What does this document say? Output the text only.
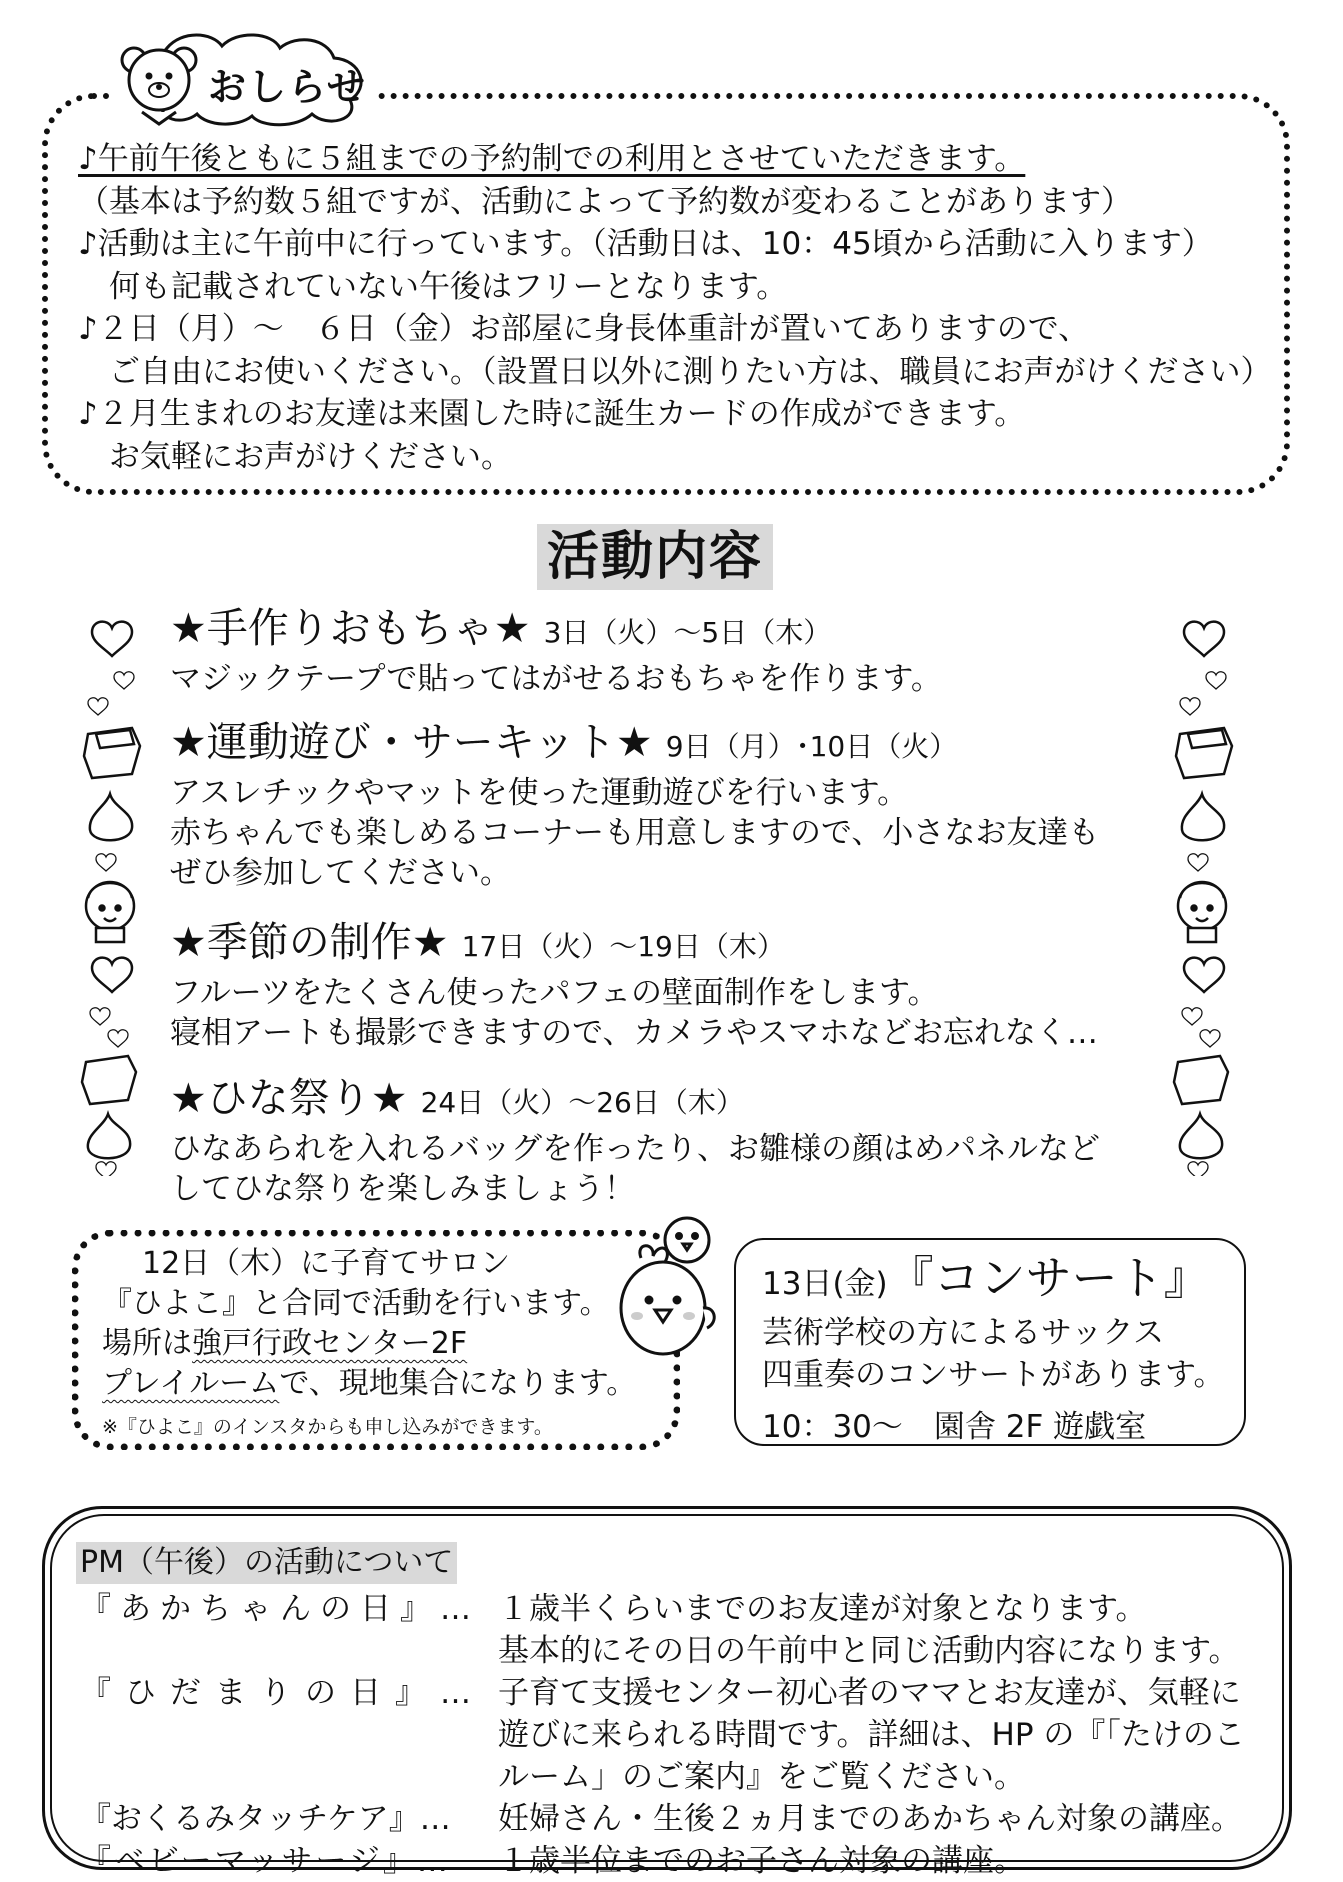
おしらせ
♪午前午後ともに５組までの予約制での利用とさせていただきます。
（基本は予約数５組ですが、活動によって予約数が変わることがあります）
♪活動は主に午前中に行っています。（活動日は、10：45頃から活動に入ります）
　何も記載されていない午後はフリーとなります。
♪２日（月）～　６日（金）お部屋に身長体重計が置いてありますので、
　ご自由にお使いください。（設置日以外に測りたい方は、職員にお声がけください）
♪２月生まれのお友達は来園した時に誕生カードの作成ができます。
　お気軽にお声がけください。
活動内容
★手作りおもちゃ★ 3日（火）～5日（木）
マジックテープで貼ってはがせるおもちゃを作ります。
★運動遊び・サーキット★ 9日（月）･10日（火）
アスレチックやマットを使った運動遊びを行います。
赤ちゃんでも楽しめるコーナーも用意しますので、小さなお友達も
ぜひ参加してください。
★季節の制作★ 17日（火）～19日（木）
フルーツをたくさん使ったパフェの壁面制作をします。
寝相アートも撮影できますので、カメラやスマホなどお忘れなく…
★ひな祭り★ 24日（火）～26日（木）
ひなあられを入れるバッグを作ったり、お雛様の顔はめパネルなど
してひな祭りを楽しみましょう！
12日（木）に子育てサロン
『ひよこ』と合同で活動を行います。
場所は強戸行政センター2F
プレイルームで、現地集合になります。
※『ひよこ』のインスタからも申し込みができます。
13日(金)『コンサート』
芸術学校の方によるサックス
四重奏のコンサートがあります。
10：30～　園舎 2F 遊戯室
PM（午後）の活動について
『あかちゃんの日』… １歳半くらいまでのお友達が対象となります。
基本的にその日の午前中と同じ活動内容になります。
『ひだまりの日』… 子育て支援センター初心者のママとお友達が、気軽に
遊びに来られる時間です。詳細は、HP の『「たけのこ
ルーム」のご案内』をご覧ください。
『おくるみタッチケア』…	妊婦さん・生後２ヵ月までのあかちゃん対象の講座。
『ベビーマッサージ』…	１歳半位までのお子さん対象の講座。
